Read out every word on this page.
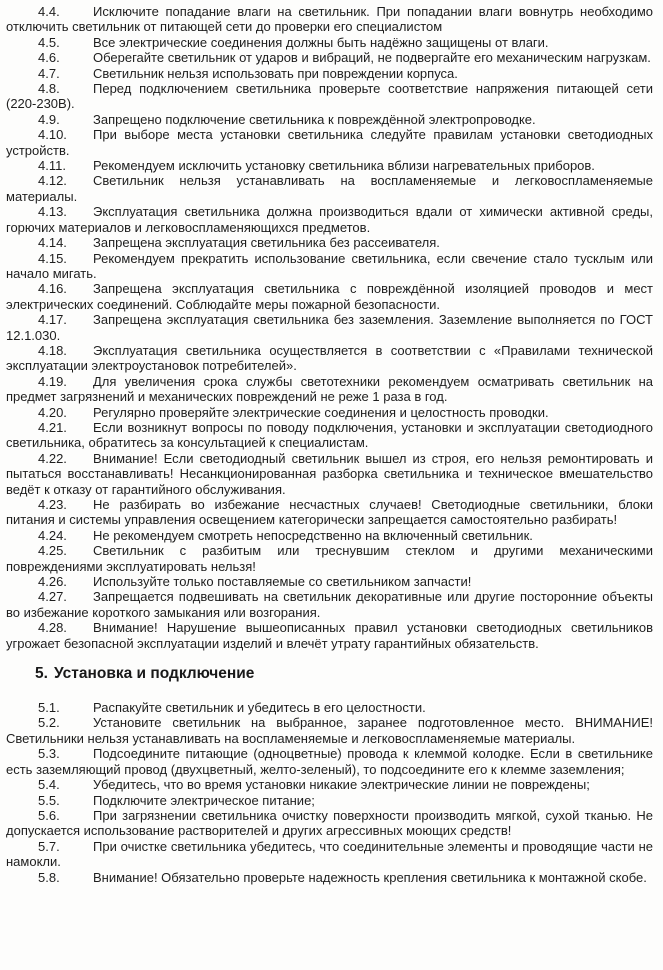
4.4.	Исключите попадание влаги на светильник. При попадании влаги вовнутрь необходимо отключить светильник от питающей сети до проверки его специалистом

4.5.	Все электрические соединения должны быть надёжно защищены от влаги.

4.6.	Оберегайте светильник от ударов и вибраций, не подвергайте его механическим нагрузкам.

4.7.	Светильник нельзя использовать при повреждении корпуса.

4.8.	Перед подключением светильника проверьте соответствие напряжения питающей сети (220-230В).

4.9.	Запрещено подключение светильника к повреждённой электропроводке.

4.10. При выборе места установки светильника следуйте правилам установки светодиодных устройств.

4.11. Рекомендуем исключить установку светильника вблизи нагревательных приборов.

4.12. Светильник нельзя устанавливать на воспламеняемые и легковоспламеняемые материалы.

4.13. Эксплуатация светильника должна производиться вдали от химически активной среды, горючих материалов и легковоспламеняющихся предметов.

4.14. Запрещена эксплуатация светильника без рассеивателя.

4.15. Рекомендуем прекратить использование светильника, если свечение стало тусклым или начало мигать.

4.16. Запрещена эксплуатация светильника с повреждённой изоляцией проводов и мест электрических соединений. Соблюдайте меры пожарной безопасности.

4.17. Запрещена эксплуатация светильника без заземления. Заземление выполняется по ГОСТ 12.1.030.

4.18. Эксплуатация светильника осуществляется в соответствии с «Правилами технической эксплуатации электроустановок потребителей».

4.19. Для увеличения срока службы светотехники рекомендуем осматривать светильник на предмет загрязнений и механических повреждений не реже 1 раза в год.

4.20. Регулярно проверяйте электрические соединения и целостность проводки.

4.21. Если возникнут вопросы по поводу подключения, установки и эксплуатации светодиодного светильника, обратитесь за консультацией к специалистам.

4.22. Внимание! Если светодиодный светильник вышел из строя, его нельзя ремонтировать и пытаться восстанавливать! Несанкционированная разборка светильника и техническое вмешательство ведёт к отказу от гарантийного обслуживания.

4.23. Не разбирать во избежание несчастных случаев! Светодиодные светильники, блоки питания и системы управления освещением категорически запрещается самостоятельно разбирать!

4.24. Не рекомендуем смотреть непосредственно на включенный светильник.

4.25. Светильник с разбитым или треснувшим стеклом и другими механическими повреждениями эксплуатировать нельзя!

4.26. Используйте только поставляемые со светильником запчасти!

4.27. Запрещается подвешивать на светильник декоративные или другие посторонние объекты во избежание короткого замыкания или возгорания.

4.28. Внимание! Нарушение вышеописанных правил установки светодиодных светильников угрожает безопасной эксплуатации изделий и влечёт утрату гарантийных обязательств.

5. Установка и подключение

5.1.	Распакуйте светильник и убедитесь в его целостности.

5.2.	Установите светильник на выбранное, заранее подготовленное место. ВНИМАНИЕ! Светильники нельзя устанавливать на воспламеняемые и легковоспламеняемые материалы.

5.3.	Подсоедините питающие (одноцветные) провода к клеммой колодке. Если в светильнике есть заземляющий провод (двухцветный, желто-зеленый), то подсоедините его к клемме заземления;

5.4.	Убедитесь, что во время установки никакие электрические линии не повреждены;

5.5.	Подключите электрическое питание;

5.6.	При загрязнении светильника очистку поверхности производить мягкой, сухой тканью. Не допускается использование растворителей и других агрессивных моющих средств!

5.7.	При очистке светильника убедитесь, что соединительные элементы и проводящие части не намокли.

5.8.	Внимание! Обязательно проверьте надежность крепления светильника к монтажной скобе.
